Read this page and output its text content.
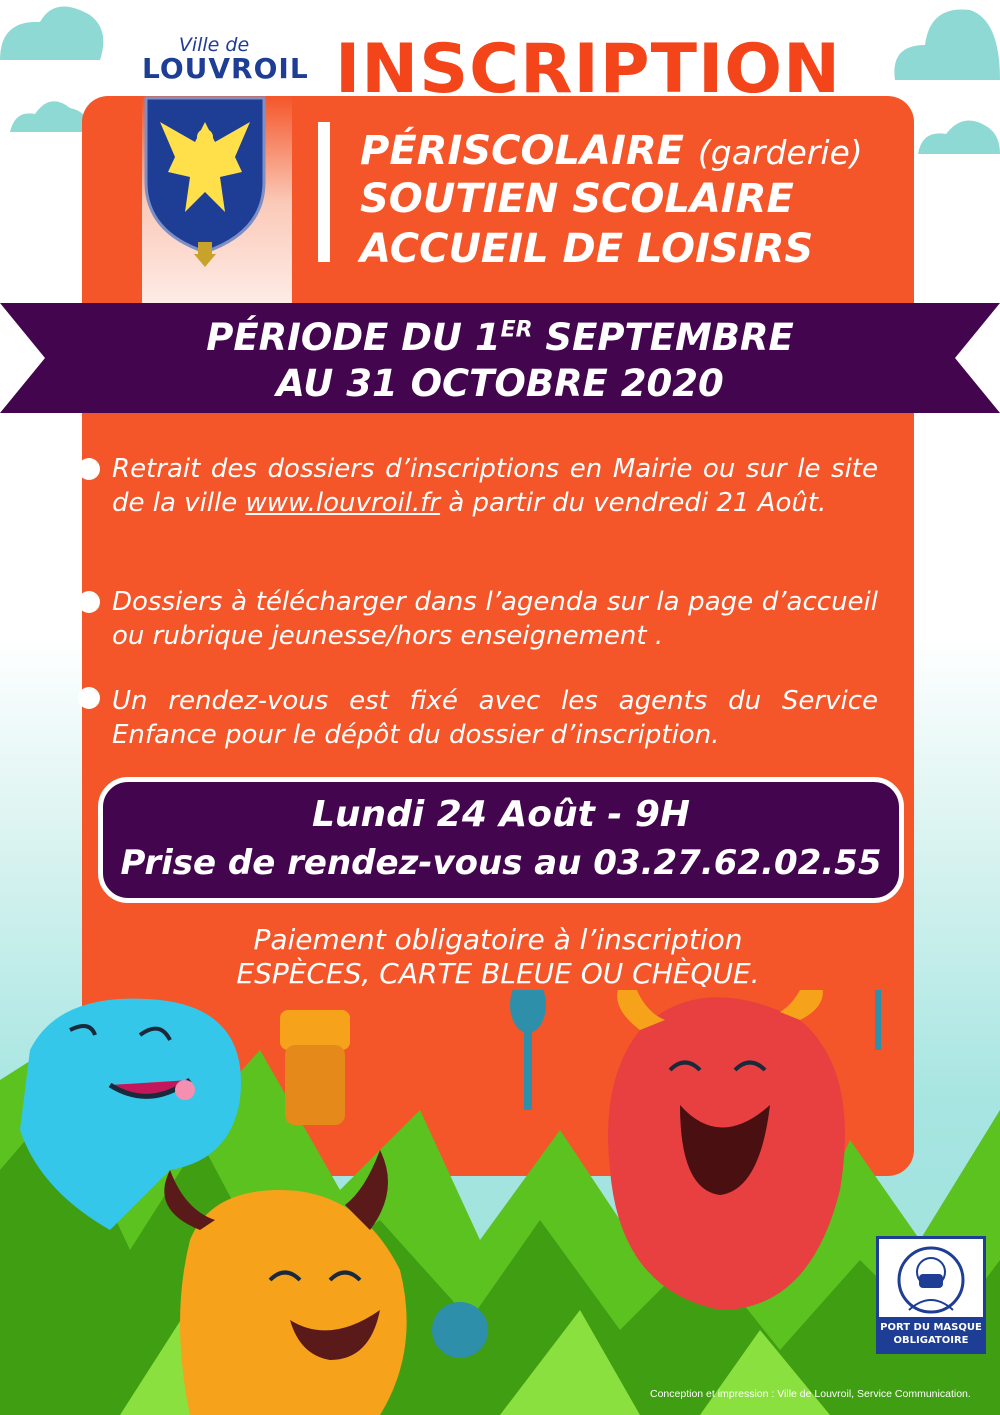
Ville de
LOUVROIL INSCRIPTION
PÉRISCOLAIRE (garderie)
SOUTIEN SCOLAIRE
ACCUEIL DE LOISIRS
PÉRIODE DU 1ER SEPTEMBRE
AU 31 OCTOBRE 2020
Retrait des dossiers d’inscriptions en Mairie ou sur le site de la ville www.louvroil.fr à partir du vendredi 21 Août.
Dossiers à télécharger dans l’agenda sur la page d’accueil ou rubrique jeunesse/hors enseignement .
Un rendez-vous est fixé avec les agents du Service Enfance pour le dépôt du dossier d’inscription.
Lundi 24 Août - 9H
Prise de rendez-vous au 03.27.62.02.55
Paiement obligatoire à l’inscription
ESPÈCES, CARTE BLEUE OU CHÈQUE.
PORT DU MASQUE
OBLIGATOIRE
Conception et impression : Ville de Louvroil, Service Communication.
